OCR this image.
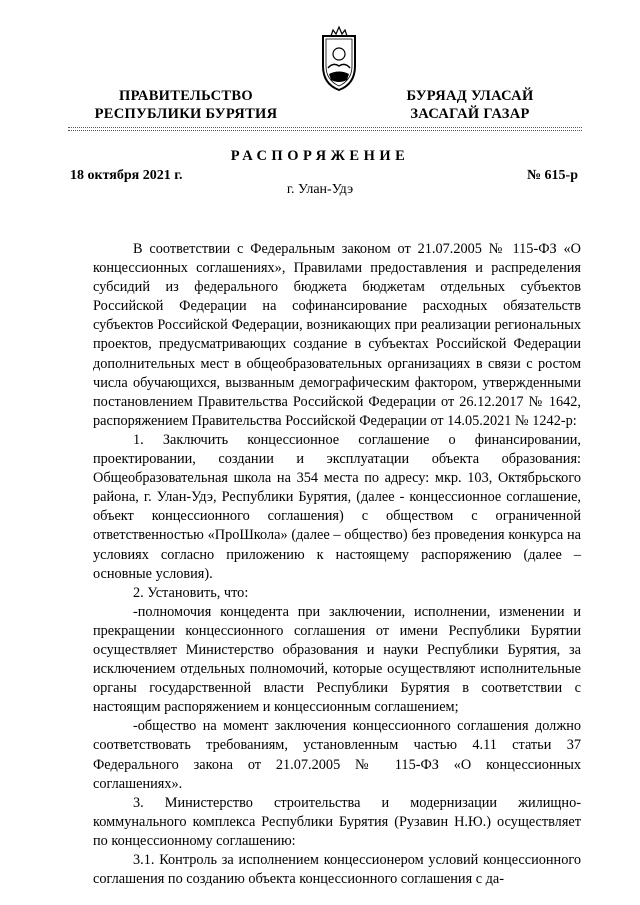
ПРАВИТЕЛЬСТВО
РЕСПУБЛИКИ БУРЯТИЯ
БУРЯАД УЛАСАЙ
ЗАСАГАЙ ГАЗАР
РАСПОРЯЖЕНИЕ
18 октября 2021 г.	№ 615-р
г. Улан-Удэ

В соответствии с Федеральным законом от 21.07.2005 № 115-ФЗ «О концессионных соглашениях», Правилами предоставления и распределения субсидий из федерального бюджета бюджетам отдельных субъектов Российской Федерации на софинансирование расходных обязательств субъектов Российской Федерации, возникающих при реализации региональных проектов, предусматривающих создание в субъектах Российской Федерации дополнительных мест в общеобразовательных организациях в связи с ростом числа обучающихся, вызванным демографическим фактором, утвержденными постановлением Правительства Российской Федерации от 26.12.2017 № 1642, распоряжением Правительства Российской Федерации от 14.05.2021 № 1242-р:

1. Заключить концессионное соглашение о финансировании, проектировании, создании и эксплуатации объекта образования: Общеобразовательная школа на 354 места по адресу: мкр. 103, Октябрьского района, г. Улан-Удэ, Республики Бурятия, (далее - концессионное соглашение, объект концессионного соглашения) с обществом с ограниченной ответственностью «ПроШкола» (далее – общество) без проведения конкурса на условиях согласно приложению к настоящему распоряжению (далее – основные условия).

2. Установить, что:

-полномочия концедента при заключении, исполнении, изменении и прекращении концессионного соглашения от имени Республики Бурятии осуществляет Министерство образования и науки Республики Бурятия, за исключением отдельных полномочий, которые осуществляют исполнительные органы государственной власти Республики Бурятия в соответствии с настоящим распоряжением и концессионным соглашением;

-общество на момент заключения концессионного соглашения должно соответствовать требованиям, установленным частью 4.11 статьи 37 Федерального закона от 21.07.2005 № 115-ФЗ «О концессионных соглашениях».

3. Министерство строительства и модернизации жилищно-коммунального комплекса Республики Бурятия (Рузавин Н.Ю.) осуществляет по концессионному соглашению:

3.1. Контроль за исполнением концессионером условий концессионного соглашения по созданию объекта концессионного соглашения с да-
